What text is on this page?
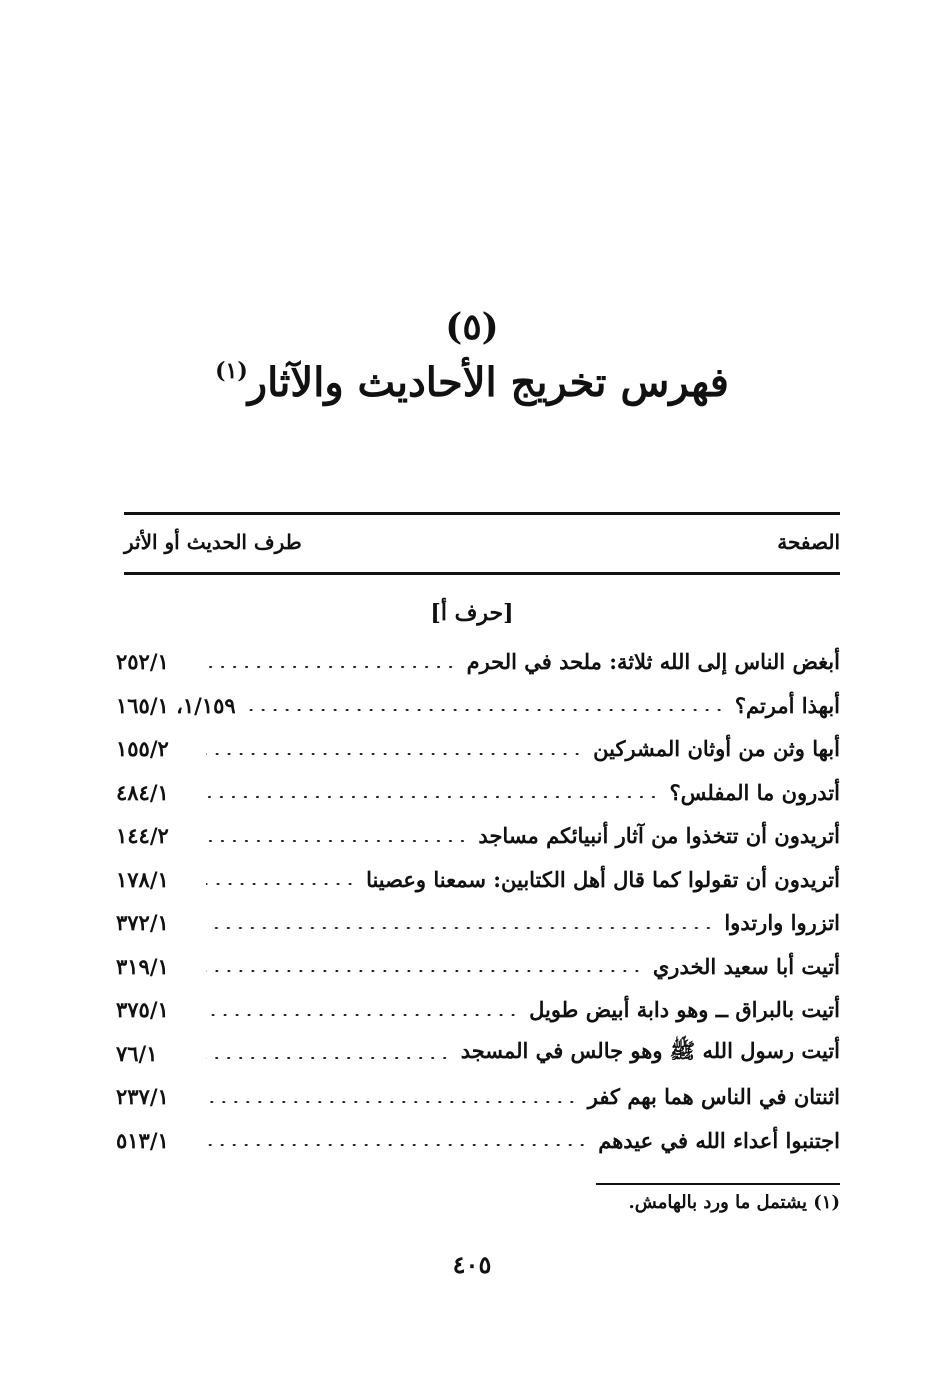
(٥)
فهرس تخريج الأحاديث والآثار$^{(١)}$
طرف الحديث أو الأثر	الصفحة
[حرف أ]
أبغض الناس إلى الله ثلاثة: ملحد في الحرم
٢٥٢/١
أبهذا أمرتم؟
١/١٥٩، ١٦٥/١
أبها وثن من أوثان المشركين
١٥٥/٢
أتدرون ما المفلس؟
٤٨٤/١
أتريدون أن تتخذوا من آثار أنبيائكم مساجد
١٤٤/٢
أتريدون أن تقولوا كما قال أهل الكتابين: سمعنا وعصينا
١٧٨/١
اتزروا وارتدوا
٣٧٢/١
أتيت أبا سعيد الخدري
٣١٩/١
أتيت بالبراق ــ وهو دابة أبيض طويل
٣٧٥/١
أتيت رسول الله ﷺ وهو جالس في المسجد
٧٦/١
اثنتان في الناس هما بهم كفر
٢٣٧/١
اجتنبوا أعداء الله في عيدهم
٥١٣/١
(١) يشتمل ما ورد بالهامش.
٤٠٥
